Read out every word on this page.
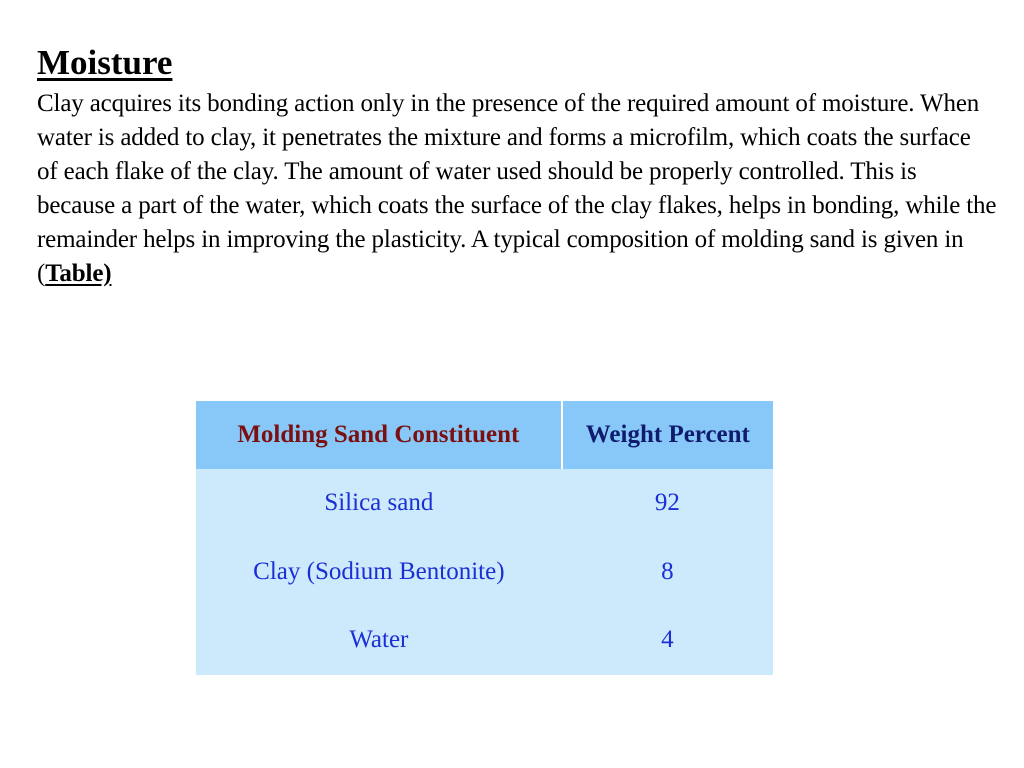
Moisture

Clay acquires its bonding action only in the presence of the required amount of moisture. When water is added to clay, it penetrates the mixture and forms a microfilm, which coats the surface of each flake of the clay. The amount of water used should be properly controlled. This is because a part of the water, which coats the surface of the clay flakes, helps in bonding, while the remainder helps in improving the plasticity. A typical composition of molding sand is given in (Table)

Molding Sand Constituent	Weight Percent
Silica sand	92
Clay (Sodium Bentonite)	8
Water	4
